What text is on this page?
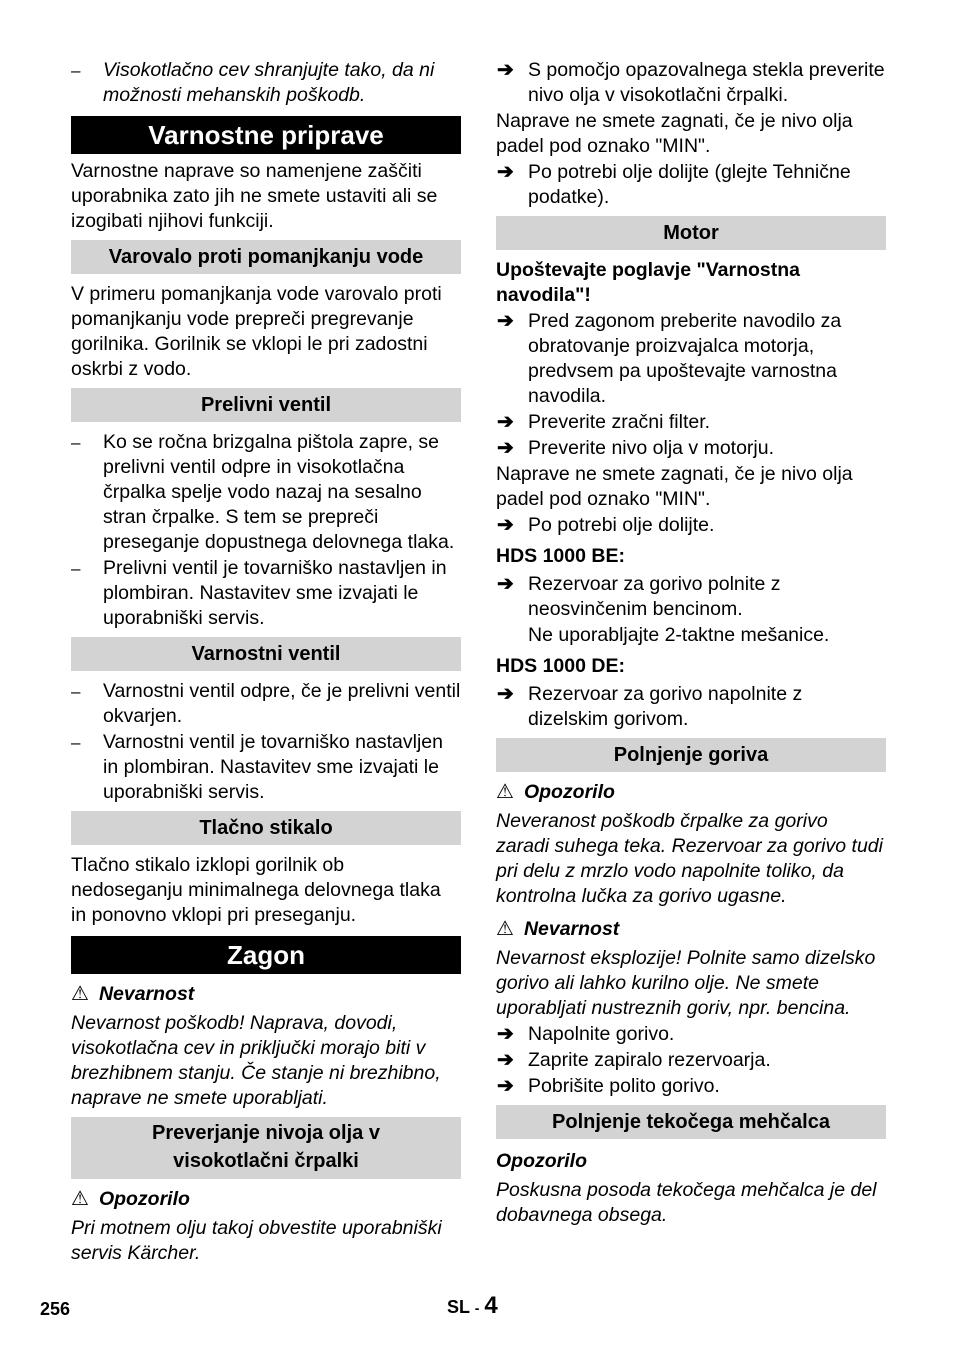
–	Visokotlačno cev shranjujte tako, da ni možnosti mehanskih poškodb.
Varnostne priprave

Varnostne naprave so namenjene zaščiti uporabnika zato jih ne smete ustaviti ali se izogibati njihovi funkciji.

Varovalo proti pomanjkanju vode

V primeru pomanjkanja vode varovalo proti pomanjkanju vode prepreči pregrevanje gorilnika. Gorilnik se vklopi le pri zadostni oskrbi z vodo.

Prelivni ventil
–	Ko se ročna brizgalna pištola zapre, se prelivni ventil odpre in visokotlačna črpalka spelje vodo nazaj na sesalno stran črpalke. S tem se prepreči preseganje dopustnega delovnega tlaka.
–	Prelivni ventil je tovarniško nastavljen in plombiran. Nastavitev sme izvajati le uporabniški servis.
Varnostni ventil
–	Varnostni ventil odpre, če je prelivni ventil okvarjen.
–	Varnostni ventil je tovarniško nastavljen in plombiran. Nastavitev sme izvajati le uporabniški servis.
Tlačno stikalo

Tlačno stikalo izklopi gorilnik ob nedoseganju minimalnega delovnega tlaka in ponovno vklopi pri preseganju.

Zagon
⚠ Nevarnost

Nevarnost poškodb! Naprava, dovodi, visokotlačna cev in priključki morajo biti v brezhibnem stanju. Če stanje ni brezhibno, naprave ne smete uporabljati.

Preverjanje nivoja olja v
visokotlačni črpalki
⚠ Opozorilo

Pri motnem olju takoj obvestite uporabniški servis Kärcher.

➔ S pomočjo opazovalnega stekla preverite nivo olja v visokotlačni črpalki.

Naprave ne smete zagnati, če je nivo olja padel pod oznako "MIN".

➔ Po potrebi olje dolijte (glejte Tehnične podatke).
Motor

Upoštevajte poglavje "Varnostna navodila"!

➔ Pred zagonom preberite navodilo za obratovanje proizvajalca motorja, predvsem pa upoštevajte varnostna navodila.
➔ Preverite zračni filter.
➔ Preverite nivo olja v motorju.

Naprave ne smete zagnati, če je nivo olja padel pod oznako "MIN".

➔ Po potrebi olje dolijte.
HDS 1000 BE:
➔ Rezervoar za gorivo polnite z neosvinčenim bencinom.

Ne uporabljajte 2-taktne mešanice.

HDS 1000 DE:
➔ Rezervoar za gorivo napolnite z dizelskim gorivom.
Polnjenje goriva
⚠ Opozorilo

Neveranost poškodb črpalke za gorivo zaradi suhega teka. Rezervoar za gorivo tudi pri delu z mrzlo vodo napolnite toliko, da kontrolna lučka za gorivo ugasne.

⚠ Nevarnost

Nevarnost eksplozije! Polnite samo dizelsko gorivo ali lahko kurilno olje. Ne smete uporabljati nustreznih goriv, npr. bencina.

➔ Napolnite gorivo.
➔ Zaprite zapiralo rezervoarja.
➔ Pobrišite polito gorivo.
Polnjenje tekočega mehčalca
Opozorilo

Poskusna posoda tekočega mehčalca je del dobavnega obsega.

256	SL - 4
